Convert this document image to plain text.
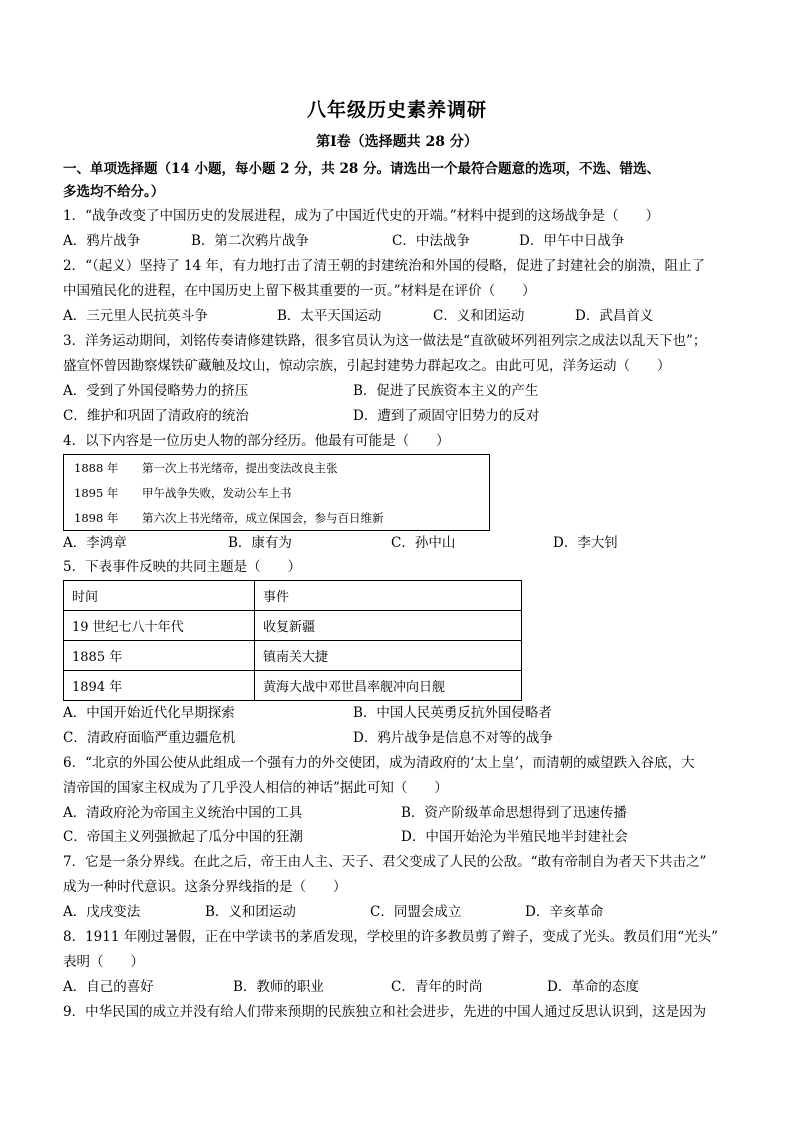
八年级历史素养调研
第Ⅰ卷（选择题共 28 分）
一、单项选择题（14 小题，每小题 2 分，共 28 分。请选出一个最符合题意的选项，不选、错选、
多选均不给分。）
1．“战争改变了中国历史的发展进程，成为了中国近代史的开端。”材料中提到的这场战争是（　　）
A．鸦片战争	B．第二次鸦片战争	C．中法战争	D．甲午中日战争
2．“（起义）坚持了 14 年，有力地打击了清王朝的封建统治和外国的侵略，促进了封建社会的崩溃，阻止了
中国殖民化的进程，在中国历史上留下极其重要的一页。”材料是在评价（　　）
A．三元里人民抗英斗争	B．太平天国运动	C．义和团运动	D．武昌首义
3．洋务运动期间，刘铭传奏请修建铁路，很多官员认为这一做法是“直欲破坏列祖列宗之成法以乱天下也”；
盛宣怀曾因勘察煤铁矿藏触及坟山，惊动宗族，引起封建势力群起攻之。由此可见，洋务运动（　　）
A．受到了外国侵略势力的挤压	B．促进了民族资本主义的产生
C．维护和巩固了清政府的统治	D．遭到了顽固守旧势力的反对
4．以下内容是一位历史人物的部分经历。他最有可能是（　　）
1888 年	第一次上书光绪帝，提出变法改良主张
1895 年	甲午战争失败，发动公车上书
1898 年	第六次上书光绪帝，成立保国会，参与百日维新
A．李鸿章	B．康有为	C．孙中山	D．李大钊
5．下表事件反映的共同主题是（　　）
时间	事件
19 世纪七八十年代	收复新疆
1885 年	镇南关大捷
1894 年	黄海大战中邓世昌率舰冲向日舰
A．中国开始近代化早期探索	B．中国人民英勇反抗外国侵略者
C．清政府面临严重边疆危机	D．鸦片战争是信息不对等的战争
6．“北京的外国公使从此组成一个强有力的外交使团，成为清政府的‘太上皇’，而清朝的威望跌入谷底，大
清帝国的国家主权成为了几乎没人相信的神话”据此可知（　　）
A．清政府沦为帝国主义统治中国的工具	B．资产阶级革命思想得到了迅速传播
C．帝国主义列强掀起了瓜分中国的狂潮	D．中国开始沦为半殖民地半封建社会
7．它是一条分界线。在此之后，帝王由人主、天子、君父变成了人民的公敌。“敢有帝制自为者天下共击之”
成为一种时代意识。这条分界线指的是（　　）
A．戊戌变法	B．义和团运动	C．同盟会成立	D．辛亥革命
8．1911 年刚过暑假，正在中学读书的茅盾发现，学校里的许多教员剪了辫子，变成了光头。教员们用“光头”
表明（　　）
A．自己的喜好	B．教师的职业	C．青年的时尚	D．革命的态度
9．中华民国的成立并没有给人们带来预期的民族独立和社会进步，先进的中国人通过反思认识到，这是因为
